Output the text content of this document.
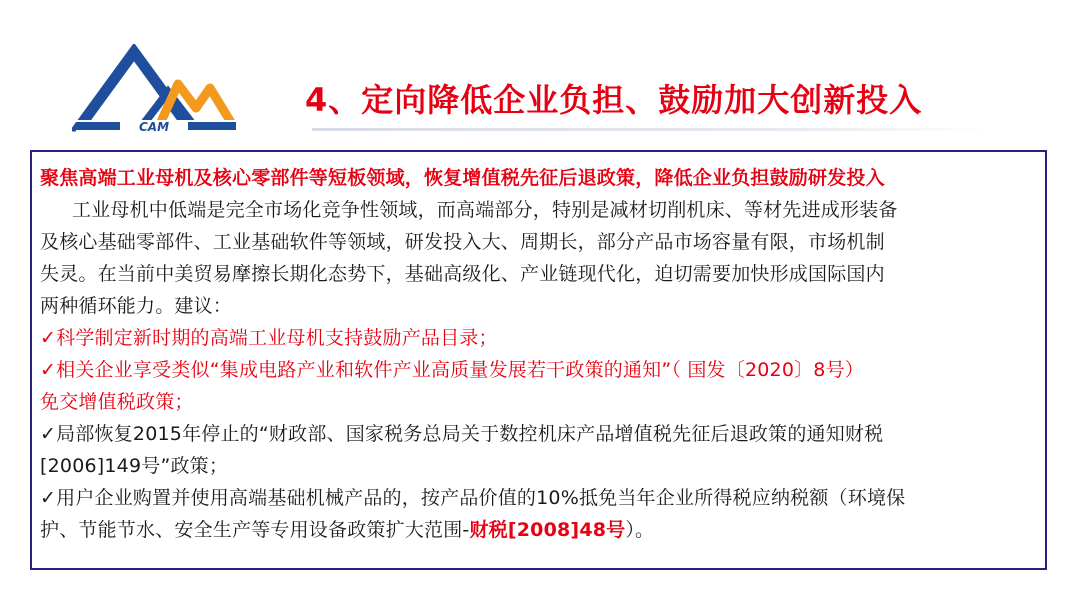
CAM
4、定向降低企业负担、鼓励加大创新投入
聚焦高端工业母机及核心零部件等短板领域，恢复增值税先征后退政策，降低企业负担鼓励研发投入
工业母机中低端是完全市场化竞争性领域，而高端部分，特别是减材切削机床、等材先进成形装备
及核心基础零部件、工业基础软件等领域，研发投入大、周期长，部分产品市场容量有限，市场机制
失灵。在当前中美贸易摩擦长期化态势下，基础高级化、产业链现代化，迫切需要加快形成国际国内
两种循环能力。建议：
✓科学制定新时期的高端工业母机支持鼓励产品目录；
✓相关企业享受类似“集成电路产业和软件产业高质量发展若干政策的通知”（ 国发〔2020〕8号）
免交增值税政策；
✓局部恢复2015年停止的“财政部、国家税务总局关于数控机床产品增值税先征后退政策的通知财税
[2006]149号”政策；
✓用户企业购置并使用高端基础机械产品的，按产品价值的10%抵免当年企业所得税应纳税额（环境保
护、节能节水、安全生产等专用设备政策扩大范围-财税[2008]48号）。
